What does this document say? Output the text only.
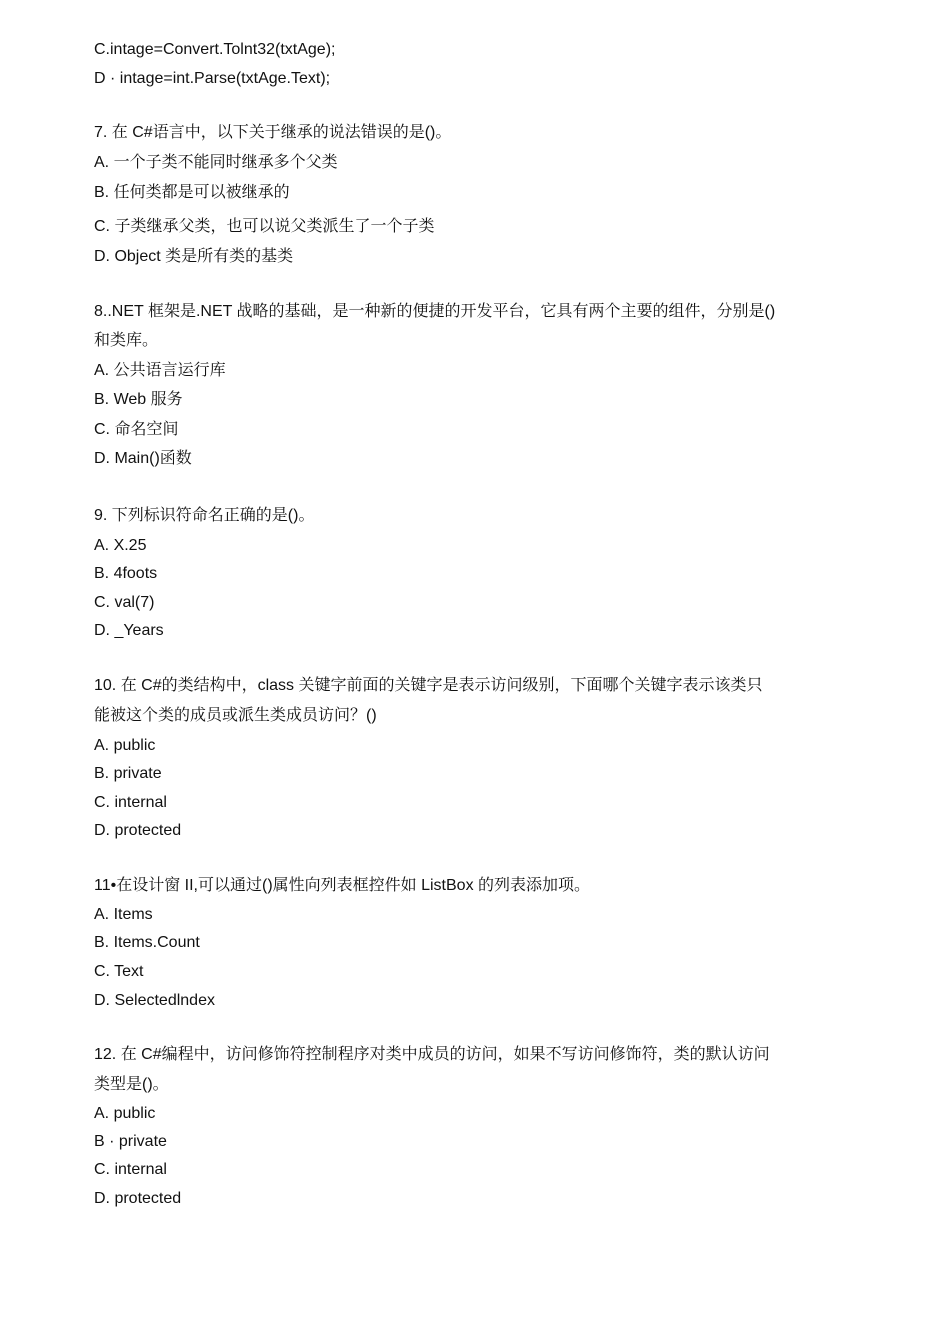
C.intage=Convert.Tolnt32(txtAge);
D · intage=int.Parse(txtAge.Text);
7. 在 C#语言中，以下关于继承的说法错误的是()。
A. 一个子类不能同时继承多个父类
B. 任何类都是可以被继承的
C. 子类继承父类，也可以说父类派生了一个子类
D. Object 类是所有类的基类
8..NET 框架是.NET 战略的基础，是一种新的便捷的开发平台，它具有两个主要的组件，分别是()
和类库。
A. 公共语言运行库
B. Web 服务
C. 命名空间
D. Main()函数
9. 下列标识符命名正确的是()。
A. X.25
B. 4foots
C. val(7)
D. _Years
10. 在 C#的类结构中，class 关键字前面的关键字是表示访问级别，下面哪个关键字表示该类只
能被这个类的成员或派生类成员访问？()
A. public
B. private
C. internal
D. protected
11•在设计窗 II,可以通过()属性向列表框控件如 ListBox 的列表添加项。
A. Items
B. Items.Count
C. Text
D. Selectedlndex
12. 在 C#编程中，访问修饰符控制程序对类中成员的访问，如果不写访问修饰符，类的默认访问
类型是()。
A. public
B · private
C. internal
D. protected
